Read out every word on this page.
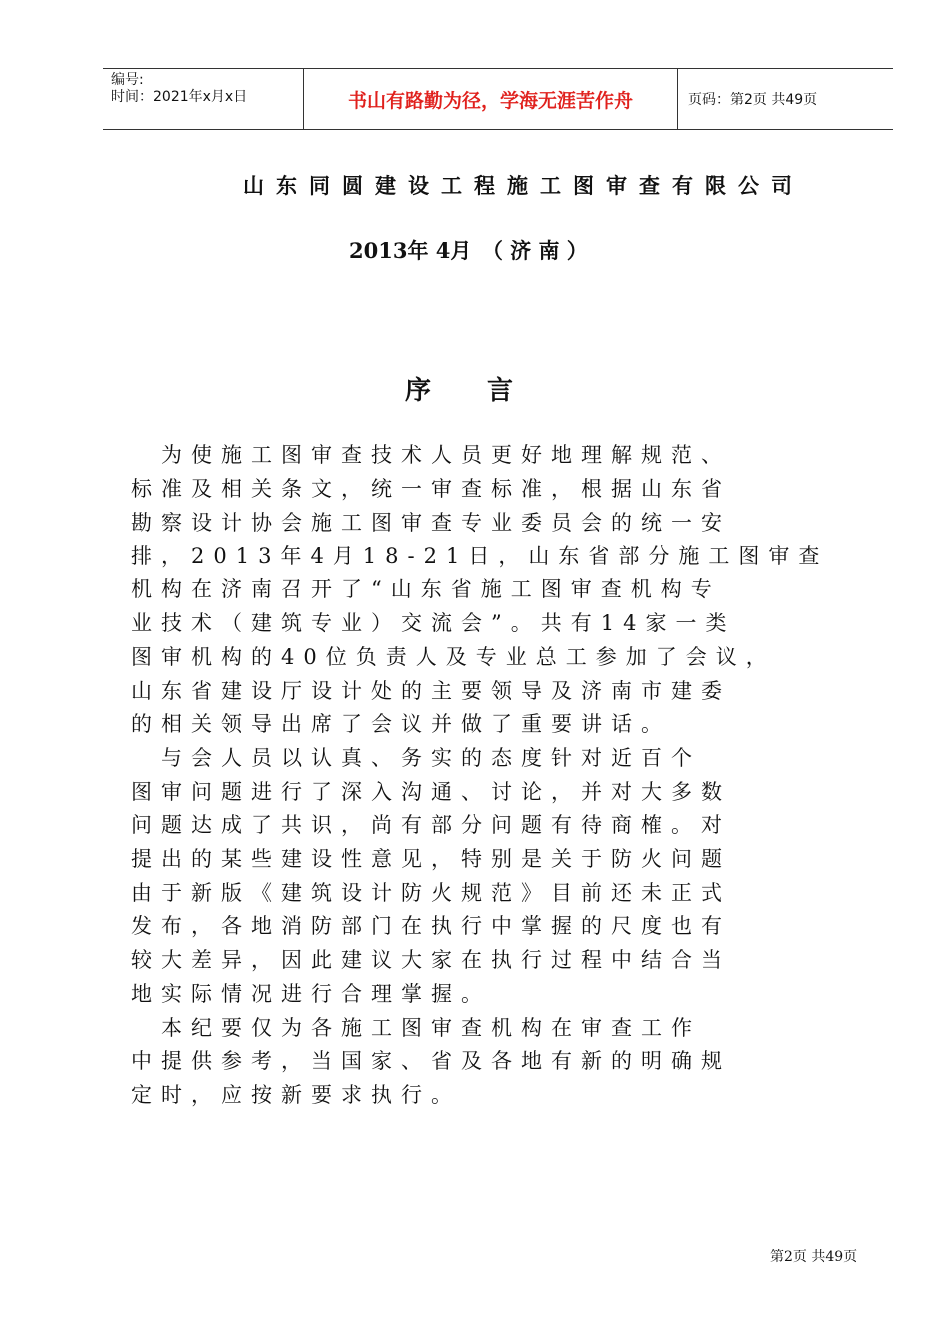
编号:
时间：2021年x月x日	书山有路勤为径，学海无涯苦作舟	页码：第2页 共49页
山东同圆建设工程施工图审查有限公司
2013年 4月　（ 济 南 ）
序言
　为使施工图审查技术人员更好地理解规范、
标准及相关条文，统一审查标准，根据山东省
勘察设计协会施工图审查专业委员会的统一安
排，2013年4月18-21日，山东省部分施工图审查
机构在济南召开了“山东省施工图审查机构专
业技术（建筑专业）交流会”。共有14家一类
图审机构的40位负责人及专业总工参加了会议，
山东省建设厅设计处的主要领导及济南市建委
的相关领导出席了会议并做了重要讲话。
　与会人员以认真、务实的态度针对近百个
图审问题进行了深入沟通、讨论，并对大多数
问题达成了共识，尚有部分问题有待商榷。对
提出的某些建设性意见，特别是关于防火问题
由于新版《建筑设计防火规范》目前还未正式
发布，各地消防部门在执行中掌握的尺度也有
较大差异，因此建议大家在执行过程中结合当
地实际情况进行合理掌握。
　本纪要仅为各施工图审查机构在审查工作
中提供参考，当国家、省及各地有新的明确规
定时，应按新要求执行。
第2页 共49页
